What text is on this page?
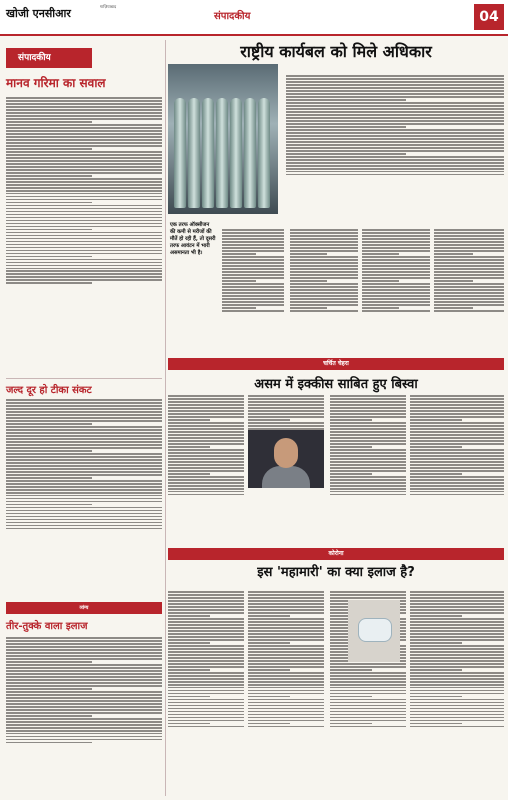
खोजी एनसीआर
गाज़ियाबाद
संपादकीय	04
संपादकीय
मानव गरिमा का सवाल
जल्द दूर हो टीका संकट
व्यंग्य
तीर-तुक्के वाला इलाज
राष्ट्रीय कार्यबल को मिले अधिकार
एक तरफ ऑक्सीजन की कमी से मरीजों की मौतें हो रही हैं, तो दूसरी तरफ आवंटन में भारी असमानता भी है।
चर्चित चेहरा
असम में इक्कीस साबित हुए बिस्वा
कोरोना
इस 'महामारी' का क्या इलाज है?
